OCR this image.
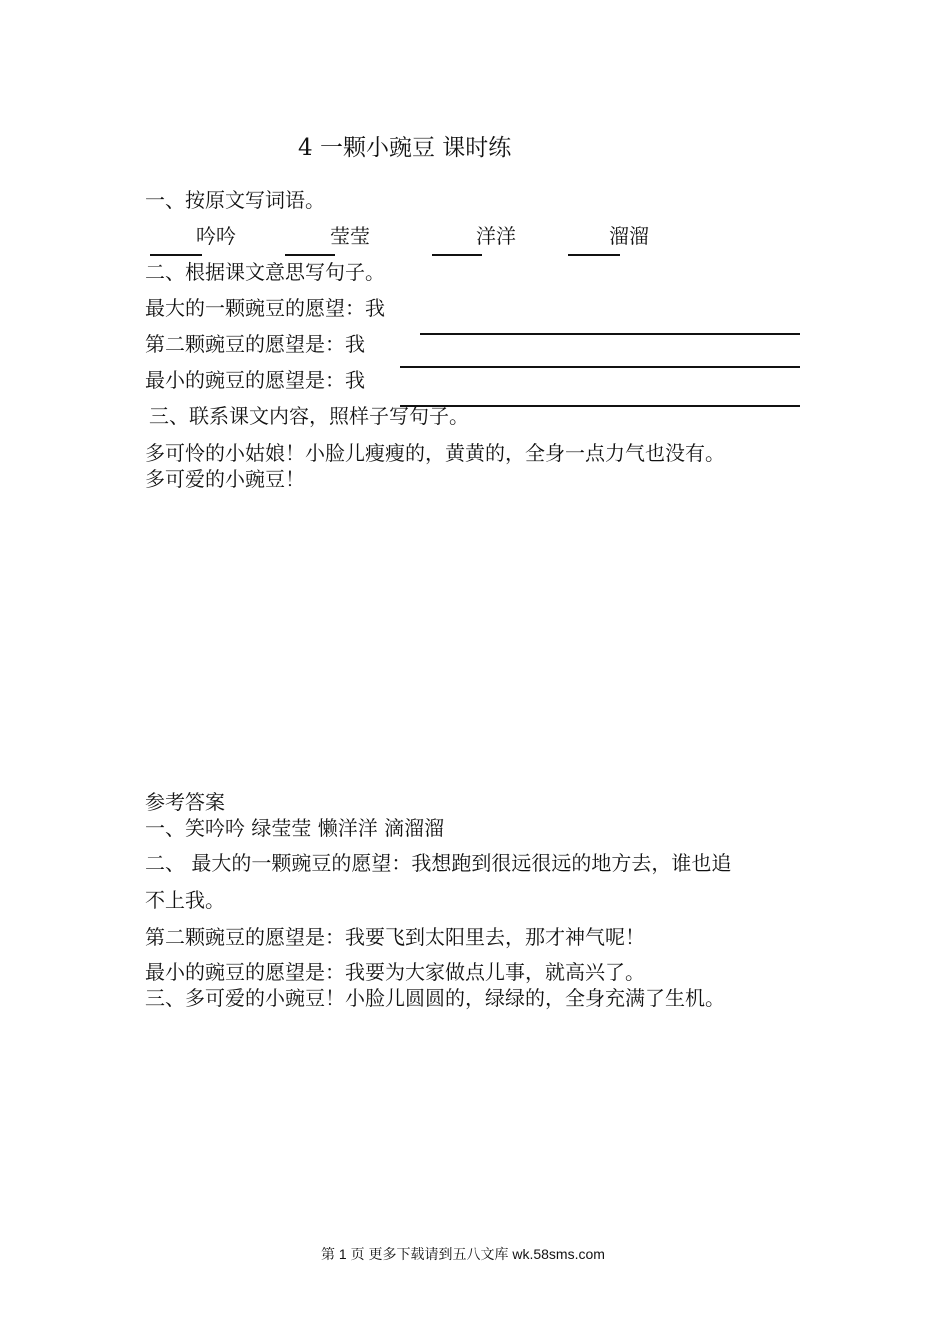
4 一颗小豌豆 课时练
一、按原文写词语。
吟吟	莹莹	洋洋	溜溜
二、根据课文意思写句子。
最大的一颗豌豆的愿望：我
第二颗豌豆的愿望是：我
最小的豌豆的愿望是：我
三、联系课文内容，照样子写句子。
多可怜的小姑娘！小脸儿瘦瘦的，黄黄的，全身一点力气也没有。
多可爱的小豌豆！
参考答案
一、笑吟吟 绿莹莹 懒洋洋 滴溜溜
二、 最大的一颗豌豆的愿望：我想跑到很远很远的地方去，谁也追
不上我。
第二颗豌豆的愿望是：我要飞到太阳里去，那才神气呢！
最小的豌豆的愿望是：我要为大家做点儿事，就高兴了。
三、多可爱的小豌豆！小脸儿圆圆的，绿绿的，全身充满了生机。
第 1 页 更多下载请到五八文库 wk.58sms.com
